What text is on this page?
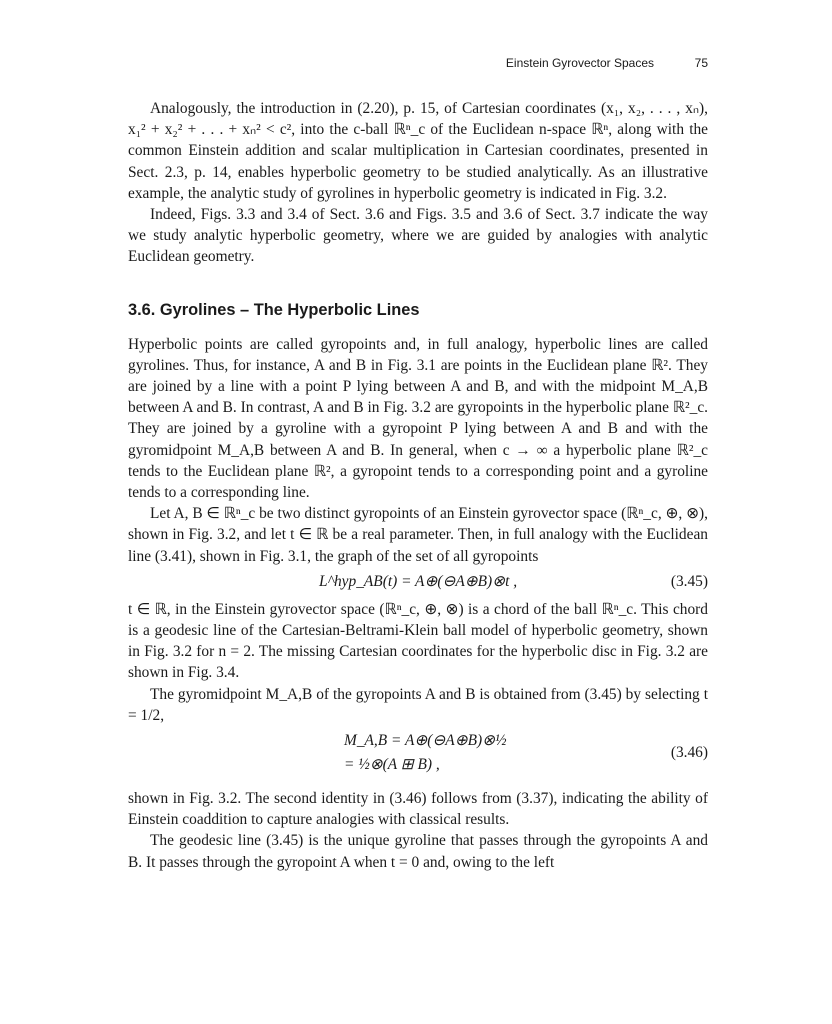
Einstein Gyrovector Spaces	75

Analogously, the introduction in (2.20), p. 15, of Cartesian coordinates (x₁, x₂, . . . , xₙ), x₁² + x₂² + . . . + xₙ² < c², into the c-ball ℝⁿ_c of the Euclidean n-space ℝⁿ, along with the common Einstein addition and scalar multiplication in Cartesian coordinates, presented in Sect. 2.3, p. 14, enables hyperbolic geometry to be studied analytically. As an illustrative example, the analytic study of gyrolines in hyperbolic geometry is indicated in Fig. 3.2.

Indeed, Figs. 3.3 and 3.4 of Sect. 3.6 and Figs. 3.5 and 3.6 of Sect. 3.7 indicate the way we study analytic hyperbolic geometry, where we are guided by analogies with analytic Euclidean geometry.

3.6. Gyrolines – The Hyperbolic Lines

Hyperbolic points are called gyropoints and, in full analogy, hyperbolic lines are called gyrolines. Thus, for instance, A and B in Fig. 3.1 are points in the Euclidean plane ℝ². They are joined by a line with a point P lying between A and B, and with the midpoint M_A,B between A and B. In contrast, A and B in Fig. 3.2 are gyropoints in the hyperbolic plane ℝ²_c. They are joined by a gyroline with a gyropoint P lying between A and B and with the gyromidpoint M_A,B between A and B. In general, when c → ∞ a hyperbolic plane ℝ²_c tends to the Euclidean plane ℝ², a gyropoint tends to a corresponding point and a gyroline tends to a corresponding line.

Let A, B ∈ ℝⁿ_c be two distinct gyropoints of an Einstein gyrovector space (ℝⁿ_c, ⊕, ⊗), shown in Fig. 3.2, and let t ∈ ℝ be a real parameter. Then, in full analogy with the Euclidean line (3.41), shown in Fig. 3.1, the graph of the set of all gyropoints

L^hyp_AB(t) = A⊕(⊖A⊕B)⊗t ,	(3.45)

t ∈ ℝ, in the Einstein gyrovector space (ℝⁿ_c, ⊕, ⊗) is a chord of the ball ℝⁿ_c. This chord is a geodesic line of the Cartesian-Beltrami-Klein ball model of hyperbolic geometry, shown in Fig. 3.2 for n = 2. The missing Cartesian coordinates for the hyperbolic disc in Fig. 3.2 are shown in Fig. 3.4.

The gyromidpoint M_A,B of the gyropoints A and B is obtained from (3.45) by selecting t = 1/2,

M_A,B = A⊕(⊖A⊕B)⊗½
= ½⊗(A ⊞ B) ,
(3.46)

shown in Fig. 3.2. The second identity in (3.46) follows from (3.37), indicating the ability of Einstein coaddition to capture analogies with classical results.

The geodesic line (3.45) is the unique gyroline that passes through the gyropoints A and B. It passes through the gyropoint A when t = 0 and, owing to the left
